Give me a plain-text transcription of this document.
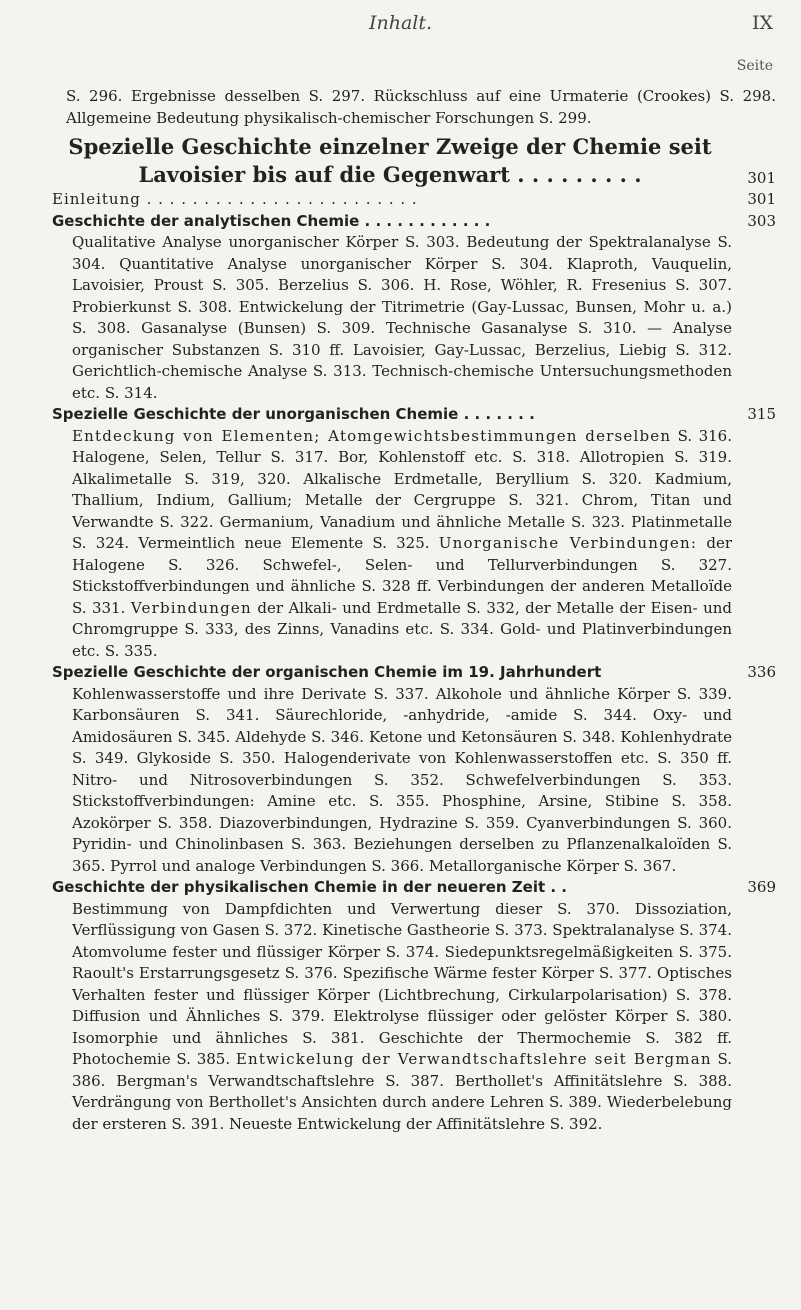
Inhalt.	IX
Seite

S. 296. Ergebnisse desselben S. 297. Rückschluss auf eine Urmaterie (Crookes) S. 298. Allgemeine Bedeutung physikalisch-chemischer Forschungen S. 299.

Spezielle Geschichte einzelner Zweige der Chemie seit Lavoisier bis auf die Gegenwart . . . . . . . . .	301
Einleitung . . . . . . . . . . . . . . . . . . . . . . . .	301
Geschichte der analytischen Chemie . . . . . . . . . . . .	303

Qualitative Analyse unorganischer Körper S. 303. Bedeutung der Spektralanalyse S. 304. Quantitative Analyse unorganischer Körper S. 304. Klaproth, Vauquelin, Lavoisier, Proust S. 305. Berzelius S. 306. H. Rose, Wöhler, R. Fresenius S. 307. Probierkunst S. 308. Entwickelung der Titrimetrie (Gay-Lussac, Bunsen, Mohr u. a.) S. 308. Gasanalyse (Bunsen) S. 309. Technische Gasanalyse S. 310. — Analyse organischer Substanzen S. 310 ff. Lavoisier, Gay-Lussac, Berzelius, Liebig S. 312. Gerichtlich-chemische Analyse S. 313. Technisch-chemische Untersuchungsmethoden etc. S. 314.

Spezielle Geschichte der unorganischen Chemie . . . . . . .	315

Entdeckung von Elementen; Atomgewichtsbestimmungen derselben S. 316. Halogene, Selen, Tellur S. 317. Bor, Kohlenstoff etc. S. 318. Allotropien S. 319. Alkalimetalle S. 319, 320. Alkalische Erdmetalle, Beryllium S. 320. Kadmium, Thallium, Indium, Gallium; Metalle der Cergruppe S. 321. Chrom, Titan und Verwandte S. 322. Germanium, Vanadium und ähnliche Metalle S. 323. Platinmetalle S. 324. Vermeintlich neue Elemente S. 325. Unorganische Verbindungen: der Halogene S. 326. Schwefel-, Selen- und Tellurverbindungen S. 327. Stickstoffverbindungen und ähnliche S. 328 ff. Verbindungen der anderen Metalloïde S. 331. Verbindungen der Alkali- und Erdmetalle S. 332, der Metalle der Eisen- und Chromgruppe S. 333, des Zinns, Vanadins etc. S. 334. Gold- und Platinverbindungen etc. S. 335.

Spezielle Geschichte der organischen Chemie im 19. Jahrhundert	336

Kohlenwasserstoffe und ihre Derivate S. 337. Alkohole und ähnliche Körper S. 339. Karbonsäuren S. 341. Säurechloride, -anhydride, -amide S. 344. Oxy- und Amidosäuren S. 345. Aldehyde S. 346. Ketone und Ketonsäuren S. 348. Kohlenhydrate S. 349. Glykoside S. 350. Halogenderivate von Kohlenwasserstoffen etc. S. 350 ff. Nitro- und Nitrosoverbindungen S. 352. Schwefelverbindungen S. 353. Stickstoffverbindungen: Amine etc. S. 355. Phosphine, Arsine, Stibine S. 358. Azokörper S. 358. Diazoverbindungen, Hydrazine S. 359. Cyanverbindungen S. 360. Pyridin- und Chinolinbasen S. 363. Beziehungen derselben zu Pflanzenalkaloïden S. 365. Pyrrol und analoge Verbindungen S. 366. Metallorganische Körper S. 367.

Geschichte der physikalischen Chemie in der neueren Zeit . .	369

Bestimmung von Dampfdichten und Verwertung dieser S. 370. Dissoziation, Verflüssigung von Gasen S. 372. Kinetische Gastheorie S. 373. Spektralanalyse S. 374. Atomvolume fester und flüssiger Körper S. 374. Siedepunktsregelmäßigkeiten S. 375. Raoult's Erstarrungsgesetz S. 376. Spezifische Wärme fester Körper S. 377. Optisches Verhalten fester und flüssiger Körper (Lichtbrechung, Cirkularpolarisation) S. 378. Diffusion und Ähnliches S. 379. Elektrolyse flüssiger oder gelöster Körper S. 380. Isomorphie und ähnliches S. 381. Geschichte der Thermochemie S. 382 ff. Photochemie S. 385. Entwickelung der Verwandtschaftslehre seit Bergman S. 386. Bergman's Verwandtschaftslehre S. 387. Berthollet's Affinitätslehre S. 388. Verdrängung von Berthollet's Ansichten durch andere Lehren S. 389. Wiederbelebung der ersteren S. 391. Neueste Entwickelung der Affinitätslehre S. 392.
